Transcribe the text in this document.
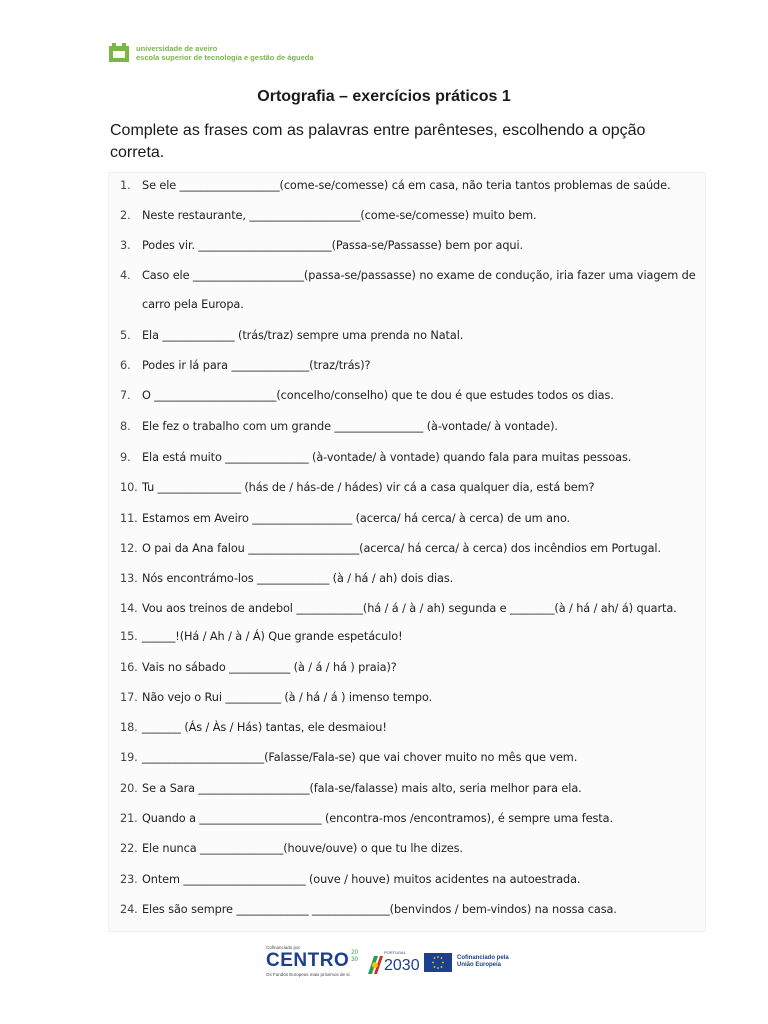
universidade de aveiro
escola superior de tecnologia e gestão de águeda
Ortografia – exercícios práticos 1
Complete as frases com as palavras entre parênteses, escolhendo a opção correta.
1. Se ele __________________(come-se/comesse) cá em casa, não teria tantos problemas de saúde.
2. Neste restaurante, ____________________(come-se/comesse) muito bem.
3. Podes vir. ________________________(Passa-se/Passasse) bem por aqui.
4. Caso ele ____________________(passa-se/passasse) no exame de condução, iria fazer uma viagem de
carro pela Europa.
5. Ela _____________ (trás/traz) sempre uma prenda no Natal.
6. Podes ir lá para ______________(traz/trás)?
7. O ______________________(concelho/conselho) que te dou é que estudes todos os dias.
8. Ele fez o trabalho com um grande ________________ (à-vontade/ à vontade).
9. Ela está muito _______________ (à-vontade/ à vontade) quando fala para muitas pessoas.
10. Tu _______________ (hás de / hás-de / hádes) vir cá a casa qualquer dia, está bem?
11. Estamos em Aveiro __________________ (acerca/ há cerca/ à cerca) de um ano.
12. O pai da Ana falou ____________________(acerca/ há cerca/ à cerca) dos incêndios em Portugal.
13. Nós encontrámo-los _____________ (à / há / ah) dois dias.
14. Vou aos treinos de andebol ____________(há / á / à / ah) segunda e ________(à / há / ah/ á) quarta.
15. ______!(Há / Ah / à / Á) Que grande espetáculo!
16. Vais no sábado ___________ (à / á / há ) praia)?
17. Não vejo o Rui __________ (à / há / á ) imenso tempo.
18. _______ (Ás / Às / Hás) tantas, ele desmaiou!
19. ______________________(Falasse/Fala-se) que vai chover muito no mês que vem.
20. Se a Sara ____________________(fala-se/falasse) mais alto, seria melhor para ela.
21. Quando a ______________________ (encontra-mos /encontramos), é sempre uma festa.
22. Ele nunca _______________(houve/ouve) o que tu lhe dizes.
23. Ontem ______________________ (ouve / houve) muitos acidentes na autoestrada.
24. Eles são sempre _____________ ______________(benvindos / bem-vindos) na nossa casa.
Cofinanciado por
CENTRO 20
30
Os Fundos Europeus mais próximos de si.
PORTUGAL
2030	Cofinanciado pela
União Europeia
